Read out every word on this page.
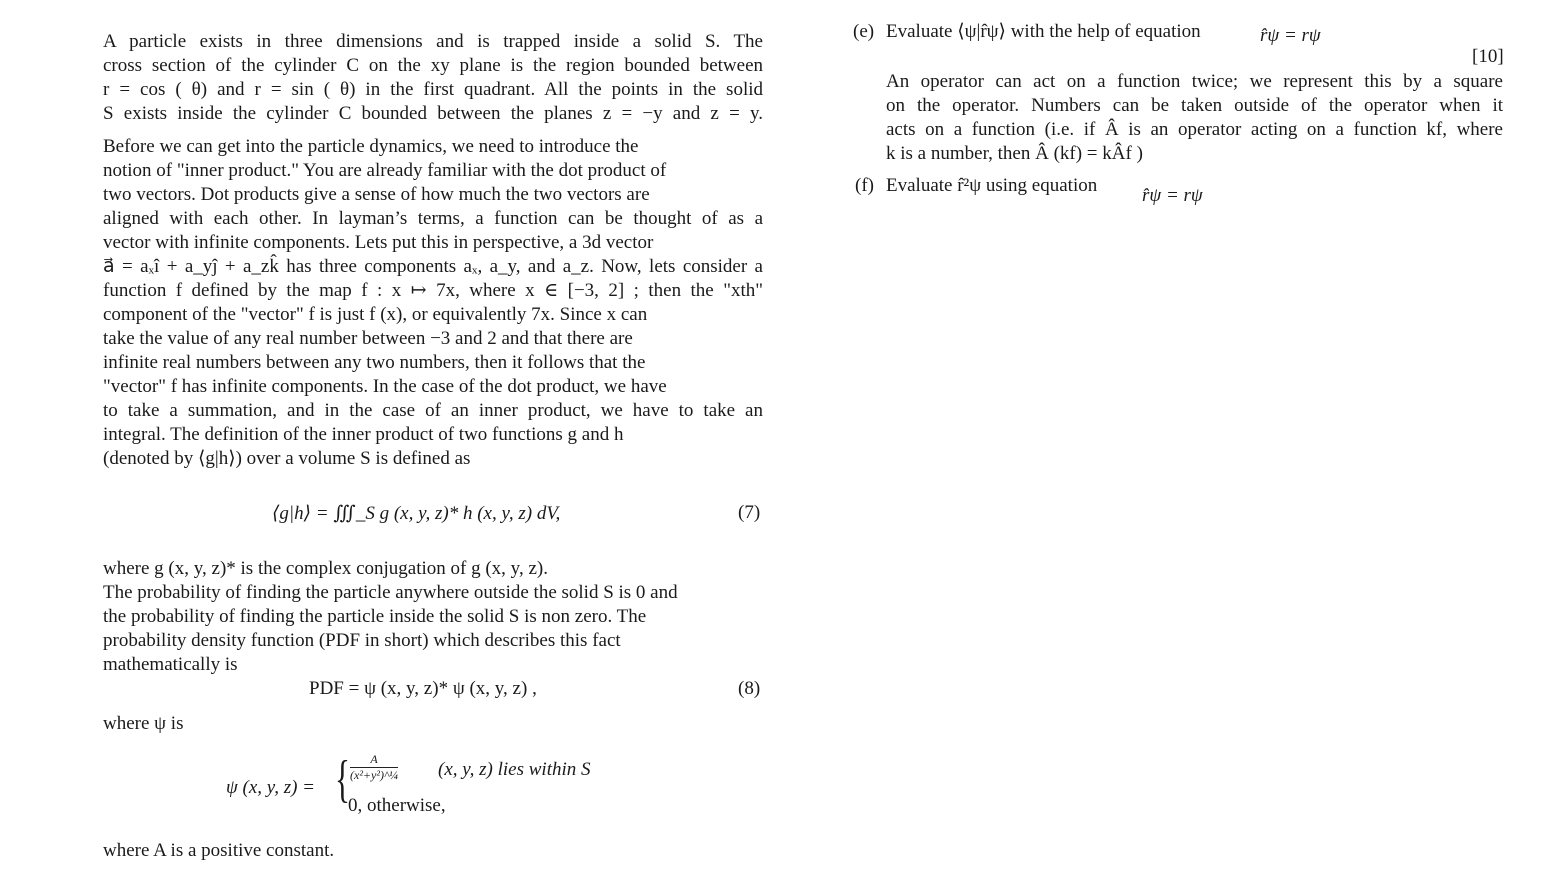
A particle exists in three dimensions and is trapped inside a solid S. The
cross section of the cylinder C on the xy plane is the region bounded between
r = cos ( θ) and r = sin ( θ) in the first quadrant. All the points in the solid
S exists inside the cylinder C bounded between the planes z = −y and z = y.
Before we can get into the particle dynamics, we need to introduce the
notion of "inner product." You are already familiar with the dot product of
two vectors. Dot products give a sense of how much the two vectors are
aligned with each other. In layman’s terms, a function can be thought of as a
vector with infinite components. Lets put this in perspective, a 3d vector
a⃗ = aₓî + a_yĵ + a_zk̂ has three components aₓ, a_y, and a_z. Now, lets consider a
function f defined by the map f : x ↦ 7x, where x ∈ [−3, 2] ; then the "xth"
component of the "vector" f is just f (x), or equivalently 7x. Since x can
take the value of any real number between −3 and 2 and that there are
infinite real numbers between any two numbers, then it follows that the
"vector" f has infinite components. In the case of the dot product, we have
to take a summation, and in the case of an inner product, we have to take an
integral. The definition of the inner product of two functions g and h
(denoted by ⟨g|h⟩) over a volume S is defined as
⟨g|h⟩ = ∭_S g (x, y, z)* h (x, y, z) dV,	(7)
where g (x, y, z)* is the complex conjugation of g (x, y, z).
The probability of finding the particle anywhere outside the solid S is 0 and
the probability of finding the particle inside the solid S is non zero. The
probability density function (PDF in short) which describes this fact
mathematically is
PDF = ψ (x, y, z)* ψ (x, y, z) ,	(8)
where ψ is
ψ (x, y, z) = { $\frac{A}{\text{(x²+y²)\textasciicircum{}¼}} (x$, y, z) lies within S
0, otherwise,
where A is a positive constant.
(e) Evaluate ⟨ψ|r̂ψ⟩ with the help of equation	r̂ψ = rψ
[10]
An operator can act on a function twice; we represent this by a square
on the operator. Numbers can be taken outside of the operator when it
acts on a function (i.e. if Â is an operator acting on a function kf, where
k is a number, then Â (kf) = kÂf )
(f) Evaluate r̂²ψ using equation r̂ψ = rψ
